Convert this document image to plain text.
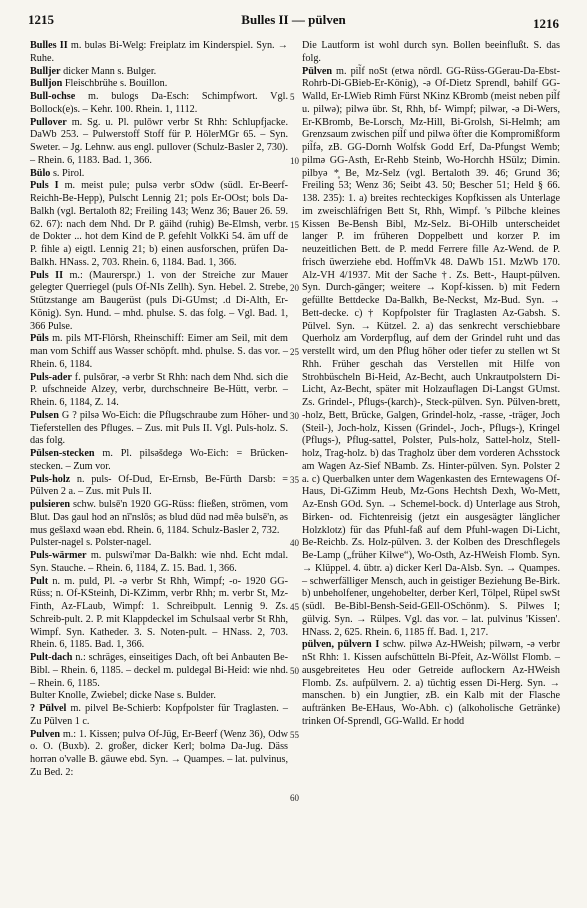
1215	Bulles II — pülven	1216

Bulles II m. bulǝs Bi-Welg: Freiplatz im Kinderspiel. Syn. → Ruhe.

Bulljer dicker Mann s. Bulger.

Bulljon Fleischbrühe s. Bouillon.

Bull-ochse m. bulogs Da-Esch: Schimpfwort. Vgl. Bollock(e)s. – Kehr. 100. Rhein. 1, 1112.

Pullover m. Sg. u. Pl. pulōwr verbr St Rhh: Schlupfjacke. DaWb 253. – Pulwerstoff Stoff für P. HölerMGr 65. – Syn. Sweter. – Jg. Lehnw. aus engl. pullover (Schulz-Basler 2, 730). – Rhein. 6, 1183. Bad. 1, 366.

Bülo s. Pirol.

Puls I m. meist pule; pulsǝ verbr sOdw (südl. Er-Beerf-Reichh-Be-Hepp), Pulscht Lennig 21; pols Er-OOst; bols Da-Balkh (vgl. Bertaloth 82; Freiling 143; Wenz 36; Bauer 26. 59. 62. 67): nach dem Nhd. Dr P. gäihd (ruhig) Be-Elmsh, verbr. de Dokter ... hot dem Kind de P. gefehlt VolkKi 54. äm uff de P. fihle a) eigtl. Lennig 21; b) einen ausforschen, prüfen Da-Balkh. HNass. 2, 703. Rhein. 6, 1184. Bad. 1, 366.

Puls II m.: (Maurerspr.) 1. von der Streiche zur Mauer gelegter Querriegel (puls Of-NIs Zellh). Syn. Hebel. 2. Strebe, Stützstange am Baugerüst (puls Di-GUmst; .d Di-Alth, Er-König). Syn. Hund. – mhd. phulse. S. das folg. – Vgl. Bad. 1, 366 Pulse.

Püls m. pils MT-Flörsh, Rheinschiff: Eimer am Seil, mit dem man vom Schiff aus Wasser schöpft. mhd. phulse. S. das vor. – Rhein. 6, 1184.

Puls-ader f. pulsōrǝr, -ǝ verbr St Rhh: nach dem Nhd. sich die P. ufschneide Alzey, verbr, durchschneire Be-Hütt, verbr. – Rhein. 6, 1184, Z. 14.

Pulsen G ? pilsǝ Wo-Eich: die Pflugschraube zum Höher- und Tieferstellen des Pfluges. – Zus. mit Puls II. Vgl. Puls-holz. S. das folg.

Pülsen-stecken m. Pl. pilsǝšdegǝ Wo-Eich: = Brücken-stecken. – Zum vor.

Puls-holz n. puls- Of-Dud, Er-Ernsb, Be-Fürth Darsb: = Pülven 2 a. – Zus. mit Puls II.

pulsieren schw. bulsē'n 1920 GG-Rüss: fließen, strömen, vom Blut. Dǝs gaul hod ǝn nī'nslōs; ǝs blud düd nǝd mēǝ bulsē'n, ǝs mus gešlǝxd wǝǝn ebd. Rhein. 6, 1184. Schulz-Basler 2, 732.

Pulster-nagel s. Polster-nagel.

Puls-wärmer m. pulswi'mǝr Da-Balkh: wie nhd. Echt mdal. Syn. Stauche. – Rhein. 6, 1184, Z. 15. Bad. 1, 366.

Pult n. m. puld, Pl. -ǝ verbr St Rhh, Wimpf; -o- 1920 GG-Rüss; n. Of-KSteinh, Di-KZimm, verbr Rhh; m. verbr St, Mz-Finth, Az-FLaub, Wimpf: 1. Schreibpult. Lennig 9. Zs. Schreib-pult. 2. P. mit Klappdeckel im Schulsaal verbr St Rhh, Wimpf. Syn. Katheder. 3. S. Noten-pult. – HNass. 2, 703. Rhein. 6, 1185. Bad. 1, 366.

Pult-dach n.: schräges, einseitiges Dach, oft bei Anbauten Be-Bibl. – Rhein. 6, 1185. – deckel m. puldegǝl Bi-Heid: wie nhd. – Rhein. 6, 1185.

Bulter Knolle, Zwiebel; dicke Nase s. Bulder.

? Pülvel m. pilvel Be-Schierb: Kopfpolster für Traglasten. – Zu Pülven 1 c.

Pulven m.: 1. Kissen; pulvǝ Of-Jüg, Er-Beerf (Wenz 36), Odw o. O. (Buxb). 2. großer, dicker Kerl; bolmǝ Da-Jug. Däss horrǝn o'vǝlle B. gäuwe ebd. Syn. → Quampes. – lat. pulvinus, Zu Bed. 2:

5
10
15
20
25
30
35
40
45
50
55
60

Die Lautform ist wohl durch syn. Bollen beeinflußt. S. das folg.

Pülven m. pil̃f noSt (etwa nördl. GG-Rüss-GGerau-Da-Ebst-Rohrb-Di-GBieb-Er-König), -ǝ Of-Dietz Sprendl, bǝhilf GG-Walld, Er-LWieb Rimh Fürst NKinz KBromb (meist neben pil̃f u. pilwǝ); pilwǝ übr. St, Rhh, bf- Wimpf; pilwǝr, -ǝ Di-Wers, Er-KBromb, Be-Lorsch, Mz-Hill, Bi-Grolsh, Si-Helmh; am Grenzsaum zwischen pil̃f und pilwǝ öfter die Kompromißform pil̃fǝ, zB. GG-Dornh Wolfsk Godd Erf, Da-Pfungst Wemb; pilmǝ GG-Asth, Er-Rehb Steinb, Wo-Horchh HSülz; Dimin. pilbyǝ *̥ Be, Mz-Selz (vgl. Bertaloth 39. 46; Grund 36; Freiling 53; Wenz 36; Seibt 43. 50; Bescher 51; Held § 66. 138. 235): 1. a) breites rechteckiges Kopfkissen als Unterlage im zweischläfrigen Bett St, Rhh, Wimpf. 's Pilbche kleines Kissen Be-Bensh Bibl, Mz-Selz. Bi-OHilb unterscheidet langer P. im früheren Doppelbett und korzer P. im neuzeitlichen Bett. de P. medd Ferrere fille Az-Wend. de P. frisch üwerziehe ebd. HoffmVk 48. DaWb 151. MzWb 170. Alz-VH 4/1937. Mit der Sache †. Zs. Bett-, Haupt-pülven. Syn. Durch-gänger; weitere → Kopf-kissen. b) mit Federn gefüllte Bettdecke Da-Balkh, Be-Neckst, Mz-Bud. Syn. → Bett-decke. c) † Kopfpolster für Traglasten Az-Gabsh. S. Pülvel. Syn. → Kützel. 2. a) das senkrecht verschiebbare Querholz am Vorderpflug, auf dem der Grindel ruht und das verstellt wird, um den Pflug höher oder tiefer zu stellen wt St Rhh. Früher geschah das Verstellen mit Hilfe von Strohbüscheln Bi-Heid, Az-Becht, auch Unkrautpolstern Di-Licht, Az-Becht, später mit Holzauflagen Di-Langst GUmst. Zs. Grindel-, Pflugs-(karch)-, Steck-pülven. Syn. Pülven-brett, -holz, Bett, Brücke, Galgen, Grindel-holz, -rasse, -träger, Joch (Steil-), Joch-holz, Kissen (Grindel-, Joch-, Pflugs-), Kringel (Pflugs-), Pflug-sattel, Polster, Puls-holz, Sattel-holz, Stell-holz, Trag-holz. b) das Tragholz über dem vorderen Achsstock am Wagen Az-Sief NBamb. Zs. Hinter-pülven. Syn. Polster 2 a. c) Querbalken unter dem Wagenkasten des Erntewagens Of-Haus, Di-GZimm Heub, Mz-Gons Hechtsh Dexh, Wo-Mett, Az-Ensh GOd. Syn. → Schemel-bock. d) Unterlage aus Stroh, Birken- od. Fichtenreisig (jetzt ein ausgesägter länglicher Holzklotz) für das Pfuhl-faß auf dem Pfuhl-wagen Di-Licht, Be-Reichb. Zs. Holz-pülven. 3. der Kolben des Dreschflegels Be-Lamp („früher Kilwe“), Wo-Osth, Az-HWeish Flomb. Syn. → Klüppel. 4. übtr. a) dicker Kerl Da-Alsb. Syn. → Quampes. – schwerfälliger Mensch, auch in geistiger Beziehung Be-Birk. b) unbeholfener, ungehobelter, derber Kerl, Tölpel, Rüpel swSt (südl. Be-Bibl-Bensh-Seid-GEll-OSchönm). S. Pilwes I; gülvig. Syn. → Rülpes. Vgl. das vor. – lat. pulvinus 'Kissen'. HNass. 2, 625. Rhein. 6, 1185 ff. Bad. 1, 217.

pülven, pülvern I schw. pilwǝ Az-HWeish; pilwǝrn, -ǝ verbr nSt Rhh: 1. Kissen aufschütteln Bi-Pfeit, Az-Wöllst Flomb. – ausgebreitetes Heu oder Getreide auflockern Az-HWeish Flomb. Zs. aufpülvern. 2. a) tüchtig essen Di-Herg. Syn. → manschen. b) ein Jungtier, zB. ein Kalb mit der Flasche auftränken Be-EHaus, Wo-Abh. c) (alkoholische Getränke) trinken Of-Sprendl, GG-Walld. Er hodd
